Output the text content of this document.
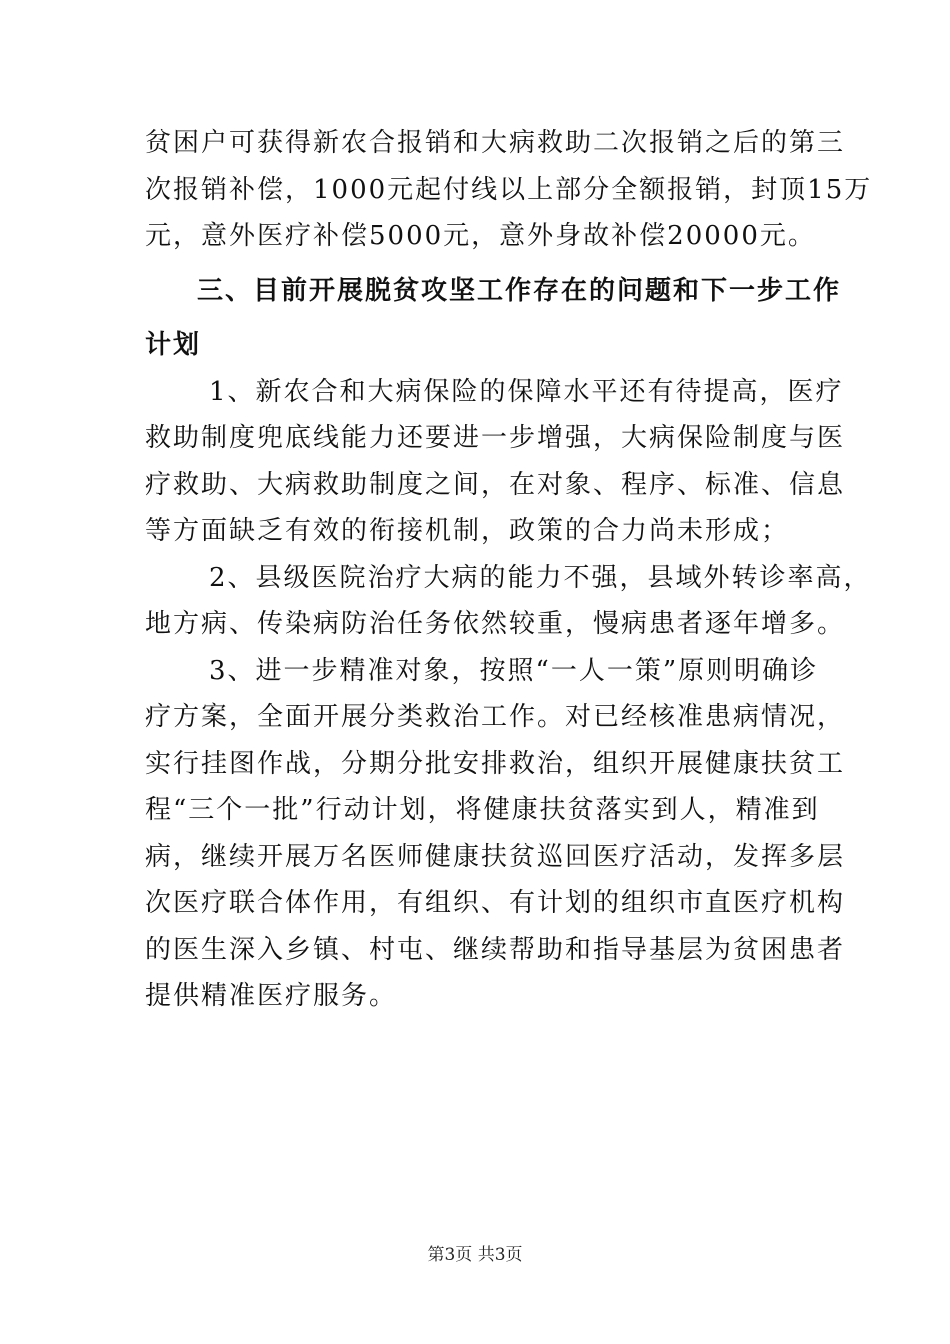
贫困户可获得新农合报销和大病救助二次报销之后的第三
次报销补偿，1000元起付线以上部分全额报销，封顶15万
元，意外医疗补偿5000元，意外身故补偿20000元。
三、目前开展脱贫攻坚工作存在的问题和下一步工作
计划
1、新农合和大病保险的保障水平还有待提高，医疗
救助制度兜底线能力还要进一步增强，大病保险制度与医
疗救助、大病救助制度之间，在对象、程序、标准、信息
等方面缺乏有效的衔接机制，政策的合力尚未形成；
2、县级医院治疗大病的能力不强，县域外转诊率高，
地方病、传染病防治任务依然较重，慢病患者逐年增多。
3、进一步精准对象，按照“一人一策”原则明确诊
疗方案，全面开展分类救治工作。对已经核准患病情况，
实行挂图作战，分期分批安排救治，组织开展健康扶贫工
程“三个一批”行动计划，将健康扶贫落实到人，精准到
病，继续开展万名医师健康扶贫巡回医疗活动，发挥多层
次医疗联合体作用，有组织、有计划的组织市直医疗机构
的医生深入乡镇、村屯、继续帮助和指导基层为贫困患者
提供精准医疗服务。
第3页 共3页
